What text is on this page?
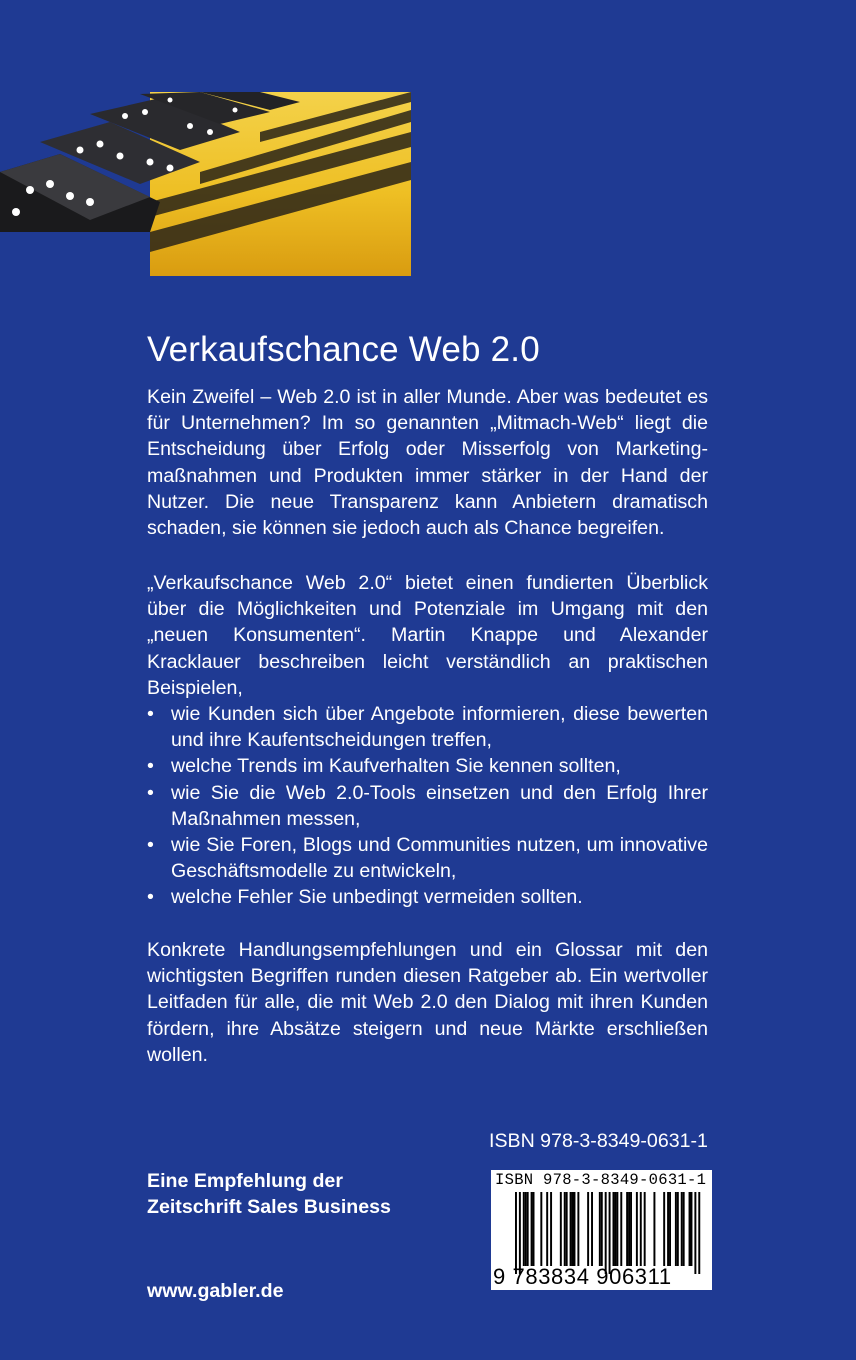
Verkaufschance Web 2.0
Kein Zweifel – Web 2.0 ist in aller Munde. Aber was bedeutet es für Unternehmen? Im so genannten „Mitmach-Web“ liegt die Entscheidung über Erfolg oder Misserfolg von Marketingmaßnahmen und Produkten immer stärker in der Hand der Nutzer. Die neue Transparenz kann Anbietern dramatisch schaden, sie können sie jedoch auch als Chance begreifen.
„Verkaufschance Web 2.0“ bietet einen fundierten Überblick über die Möglichkeiten und Potenziale im Umgang mit den „neuen Konsumenten“. Martin Knappe und Alexander Kracklauer beschreiben leicht verständlich an praktischen Beispielen,
• wie Kunden sich über Angebote informieren, diese bewerten und ihre Kaufentscheidungen treffen,
• welche Trends im Kaufverhalten Sie kennen sollten,
• wie Sie die Web 2.0-Tools einsetzen und den Erfolg Ihrer Maßnahmen messen,
• wie Sie Foren, Blogs und Communities nutzen, um innovative Geschäftsmodelle zu entwickeln,
• welche Fehler Sie unbedingt vermeiden sollten.
Konkrete Handlungsempfehlungen und ein Glossar mit den wichtigsten Begriffen runden diesen Ratgeber ab. Ein wertvoller Leitfaden für alle, die mit Web 2.0 den Dialog mit ihren Kunden fördern, ihre Absätze steigern und neue Märkte erschließen wollen.
ISBN 978-3-8349-0631-1
Eine Empfehlung der
Zeitschrift Sales Business
www.gabler.de
ISBN 978-3-8349-0631-1
9 783834 906311
